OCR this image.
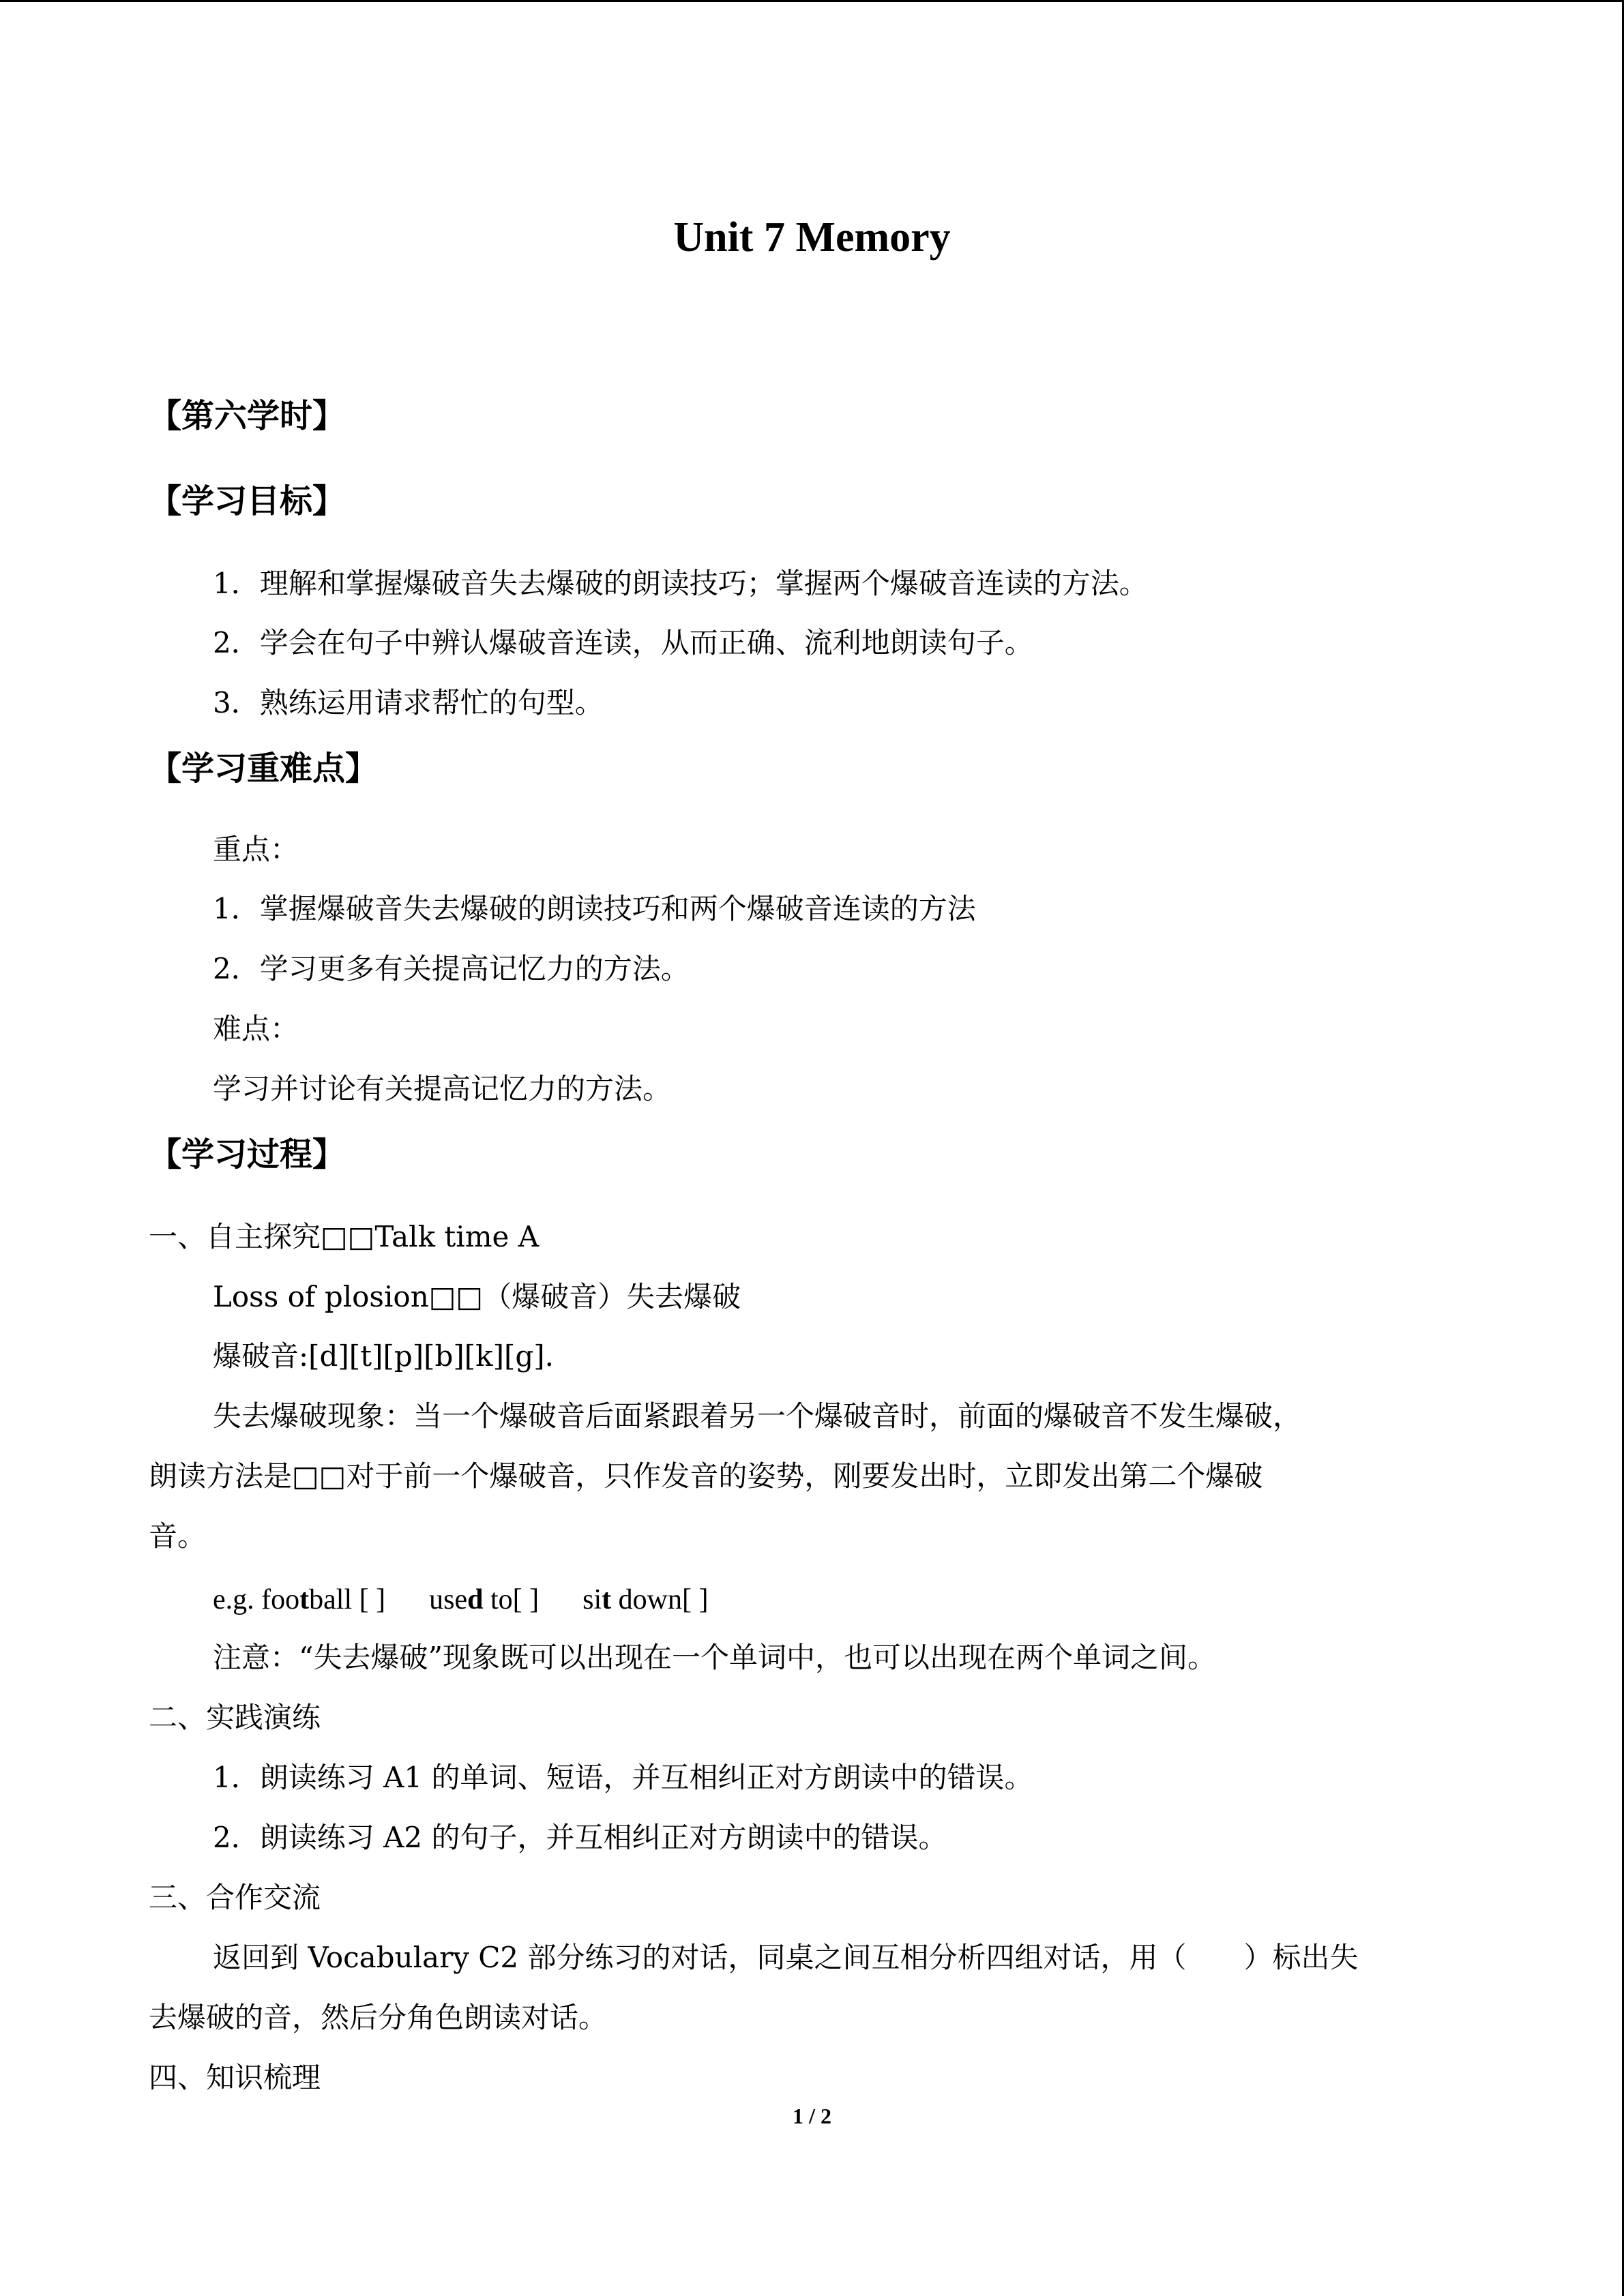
Unit 7 Memory
【第六学时】
【学习目标】

1．理解和掌握爆破音失去爆破的朗读技巧；掌握两个爆破音连读的方法。

2．学会在句子中辨认爆破音连读，从而正确、流利地朗读句子。

3．熟练运用请求帮忙的句型。

【学习重难点】

重点：

1．掌握爆破音失去爆破的朗读技巧和两个爆破音连读的方法

2．学习更多有关提高记忆力的方法。

难点：

学习并讨论有关提高记忆力的方法。

【学习过程】

一、自主探究□□Talk time A

Loss of plosion□□（爆破音）失去爆破

爆破音:[d][t][p][b][k][g].

失去爆破现象：当一个爆破音后面紧跟着另一个爆破音时，前面的爆破音不发生爆破，

朗读方法是□□对于前一个爆破音，只作发音的姿势，刚要发出时，立即发出第二个爆破

音。

e.g. football [ ] used to[ ] sit down[ ]

注意：“失去爆破”现象既可以出现在一个单词中，也可以出现在两个单词之间。

二、实践演练

1．朗读练习 A1 的单词、短语，并互相纠正对方朗读中的错误。

2．朗读练习 A2 的句子，并互相纠正对方朗读中的错误。

三、合作交流

返回到 Vocabulary C2 部分练习的对话，同桌之间互相分析四组对话，用（　　）标出失

去爆破的音，然后分角色朗读对话。

四、知识梳理

1 / 2
